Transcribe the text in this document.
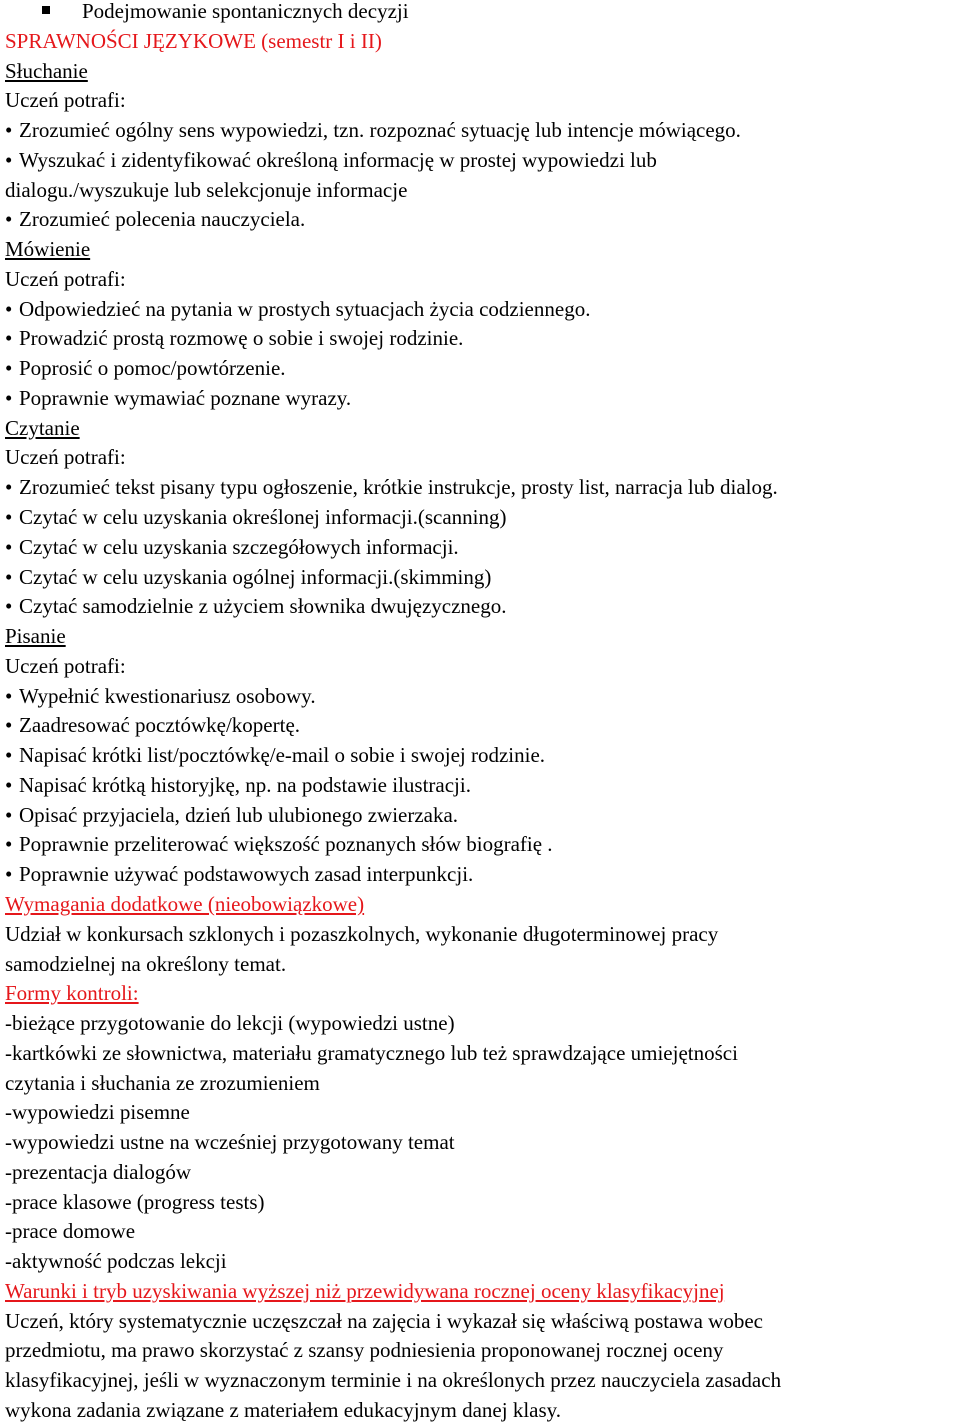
Podejmowanie spontanicznych decyzji
SPRAWNOŚCI JĘZYKOWE (semestr I i II)
Słuchanie
Uczeń potrafi:
• Zrozumieć ogólny sens wypowiedzi, tzn. rozpoznać sytuację lub intencje mówiącego.
• Wyszukać i zidentyfikować określoną informację w prostej wypowiedzi lub
dialogu./wyszukuje lub selekcjonuje informacje
• Zrozumieć polecenia nauczyciela.
Mówienie
Uczeń potrafi:
• Odpowiedzieć na pytania w prostych sytuacjach życia codziennego.
• Prowadzić prostą rozmowę o sobie i swojej rodzinie.
• Poprosić o pomoc/powtórzenie.
• Poprawnie wymawiać poznane wyrazy.
Czytanie
Uczeń potrafi:
• Zrozumieć tekst pisany typu ogłoszenie, krótkie instrukcje, prosty list, narracja lub dialog.
• Czytać w celu uzyskania określonej informacji.(scanning)
• Czytać w celu uzyskania szczegółowych informacji.
• Czytać w celu uzyskania ogólnej informacji.(skimming)
• Czytać samodzielnie z użyciem słownika dwujęzycznego.
Pisanie
Uczeń potrafi:
• Wypełnić kwestionariusz osobowy.
• Zaadresować pocztówkę/kopertę.
• Napisać krótki list/pocztówkę/e-mail o sobie i swojej rodzinie.
• Napisać krótką historyjkę, np. na podstawie ilustracji.
• Opisać przyjaciela, dzień lub ulubionego zwierzaka.
• Poprawnie przeliterować większość poznanych słów biografię .
• Poprawnie używać podstawowych zasad interpunkcji.
Wymagania dodatkowe (nieobowiązkowe)
Udział w konkursach szklonych i pozaszkolnych, wykonanie długoterminowej pracy
samodzielnej na określony temat.
Formy kontroli:
-bieżące przygotowanie do lekcji (wypowiedzi ustne)
-kartkówki ze słownictwa, materiału gramatycznego lub też sprawdzające umiejętności
czytania i słuchania ze zrozumieniem
-wypowiedzi pisemne
-wypowiedzi ustne na wcześniej przygotowany temat
-prezentacja dialogów
-prace klasowe (progress tests)
-prace domowe
-aktywność podczas lekcji
Warunki i tryb uzyskiwania wyższej niż przewidywana rocznej oceny klasyfikacyjnej
Uczeń, który systematycznie uczęszczał na zajęcia i wykazał się właściwą postawa wobec
przedmiotu, ma prawo skorzystać z szansy podniesienia proponowanej rocznej oceny
klasyfikacyjnej, jeśli w wyznaczonym terminie i na określonych przez nauczyciela zasadach
wykona zadania związane z materiałem edukacyjnym danej klasy.
